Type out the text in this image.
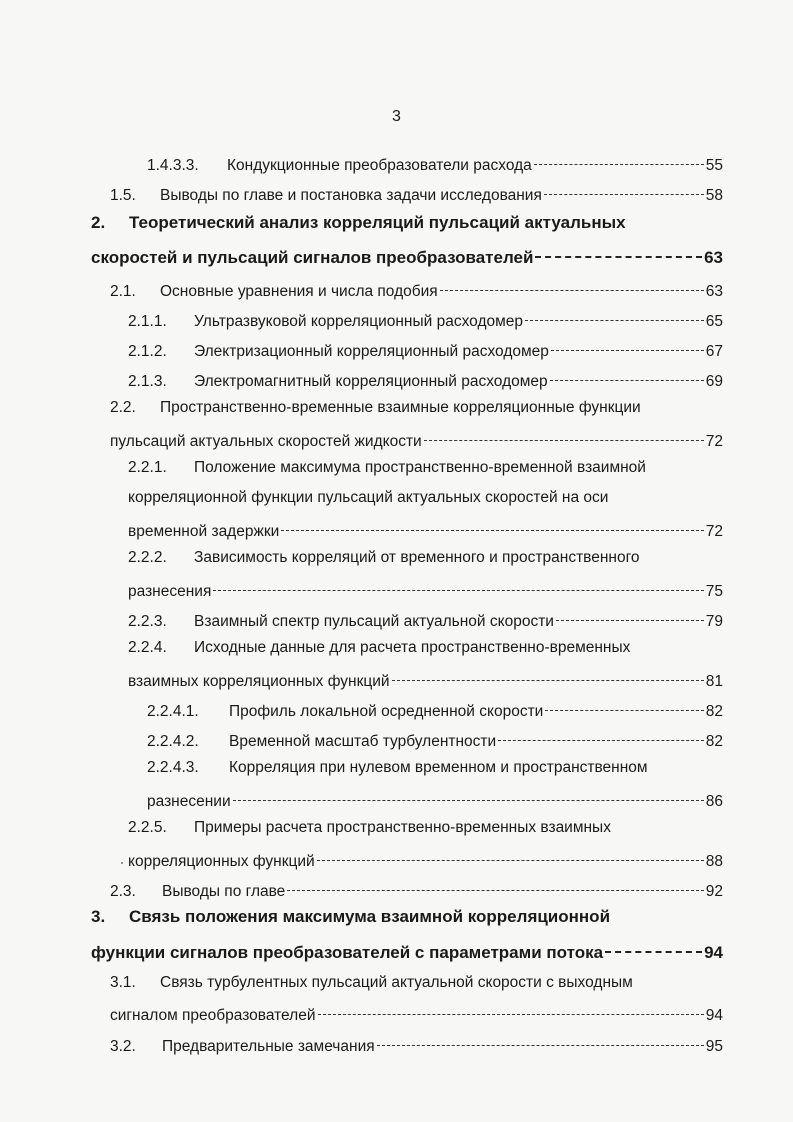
3
1.4.3.3.	Кондукционные преобразователи расхода	55
1.5.	Выводы по главе и постановка задачи исследования	58
2.	Теоретический анализ корреляций пульсаций актуальных
скоростей и пульсаций сигналов преобразователей	63
2.1.	Основные уравнения и числа подобия	63
2.1.1.	Ультразвуковой корреляционный расходомер	65
2.1.2.	Электризационный корреляционный расходомер	67
2.1.3.	Электромагнитный корреляционный расходомер	69
2.2.	Пространственно-временные взаимные корреляционные функции
пульсаций актуальных скоростей жидкости	72
2.2.1.	Положение максимума пространственно-временной взаимной
корреляционной функции пульсаций актуальных скоростей на оси
временной задержки	72
2.2.2.	Зависимость корреляций от временного и пространственного
разнесения	75
2.2.3.	Взаимный спектр пульсаций актуальной скорости	79
2.2.4.	Исходные данные для расчета пространственно-временных
взаимных корреляционных функций	81
2.2.4.1.	Профиль локальной осредненной скорости	82
2.2.4.2.	Временной масштаб турбулентности	82
2.2.4.3.	Корреляция при нулевом временном и пространственном
разнесении	86
2.2.5.	Примеры расчета пространственно-временных взаимных
корреляционных функций	88
2.3.	Выводы по главе	92
3.	Связь положения максимума взаимной корреляционной
функции сигналов преобразователей с параметрами потока	94
3.1.	Связь турбулентных пульсаций актуальной скорости с выходным
сигналом преобразователей	94
3.2.	Предварительные замечания	95
